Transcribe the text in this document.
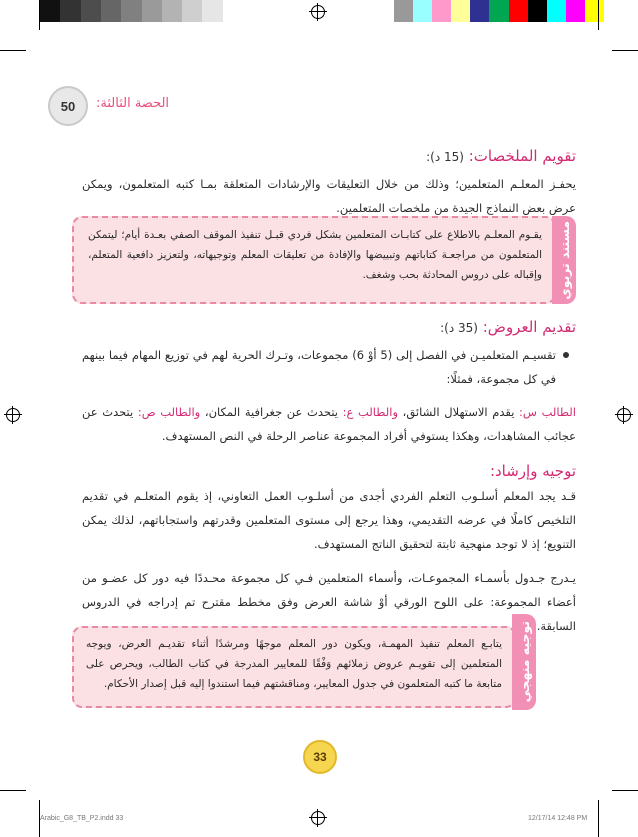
50	الحصة الثالثة:
تقويم الملخصات: (15 د):
يحفـز المعلـم المتعلمين؛ وذلك من خلال التعليقات والإرشادات المتعلقة بمـا كتبه المتعلمون، ويمكن عرض بعض النماذج الجيدة من ملخصات المتعلمين.
يقـوم المعلـم بالاطلاع على كتابـات المتعلمين بشكل فردي قبـل تنفيذ الموقف الصفي بعـدة أيام؛ ليتمكن المتعلمون من مراجعـة كتاباتهم وتبييضها والإفادة من تعليقات المعلم وتوجيهاته، ولتعزيز دافعية المتعلم، وإقباله على دروس المحادثة بحب وشغف. مستند تربوي
تقديم العروض: (35 د):
تقسيـم المتعلميـن في الفصل إلى (5 أوْ 6) مجموعات، وتـرك الحرية لهم في توزيع المهام فيما بينهم في كل مجموعة، فمثلًا:
الطالب س: يقدم الاستهلال الشائق، والطالب ع: يتحدث عن جغرافية المكان، والطالب ص: يتحدث عن عجائب المشاهدات، وهكذا يستوفي أفراد المجموعة عناصر الرحلة في النص المستهدف.
توجيه وإرشاد:
قـد يجد المعلم أسلـوب التعلم الفردي أجدى من أسلـوب العمل التعاوني، إذ يقوم المتعلـم في تقديم التلخيص كاملًا في عرضه التقديمي، وهذا يرجع إلى مستوى المتعلمين وقدرتهم واستجاباتهم، لذلك يمكن التنويع؛ إذ لا توجد منهجية ثابتة لتحقيق الناتج المستهدف.
يـدرج جـدول بأسمـاء المجموعـات، وأسماء المتعلمين فـي كل مجموعة محـددًا فيه دور كل عضـو من أعضاء المجموعة: على اللوح الورقي أوْ شاشة العرض وفق مخطط مقترح تم إدراجه في الدروس السابقة.
يتابـع المعلم تنفيذ المهمـة، ويكون دور المعلم موجهًا ومرشدًا أثناء تقديـم العرض، ويوجه المتعلمين إلى تقويـم عروض زملائهم وَفْقًا للمعايير المدرجة في كتاب الطالب، ويحرص على متابعة ما كتبه المتعلمون في جدول المعايير، ومناقشتهم فيما استندوا إليه قبل إصدار الأحكام. توجيه منهجي
33
Arabic_G8_TB_P2.indd 33	12/17/14 12:48 PM
